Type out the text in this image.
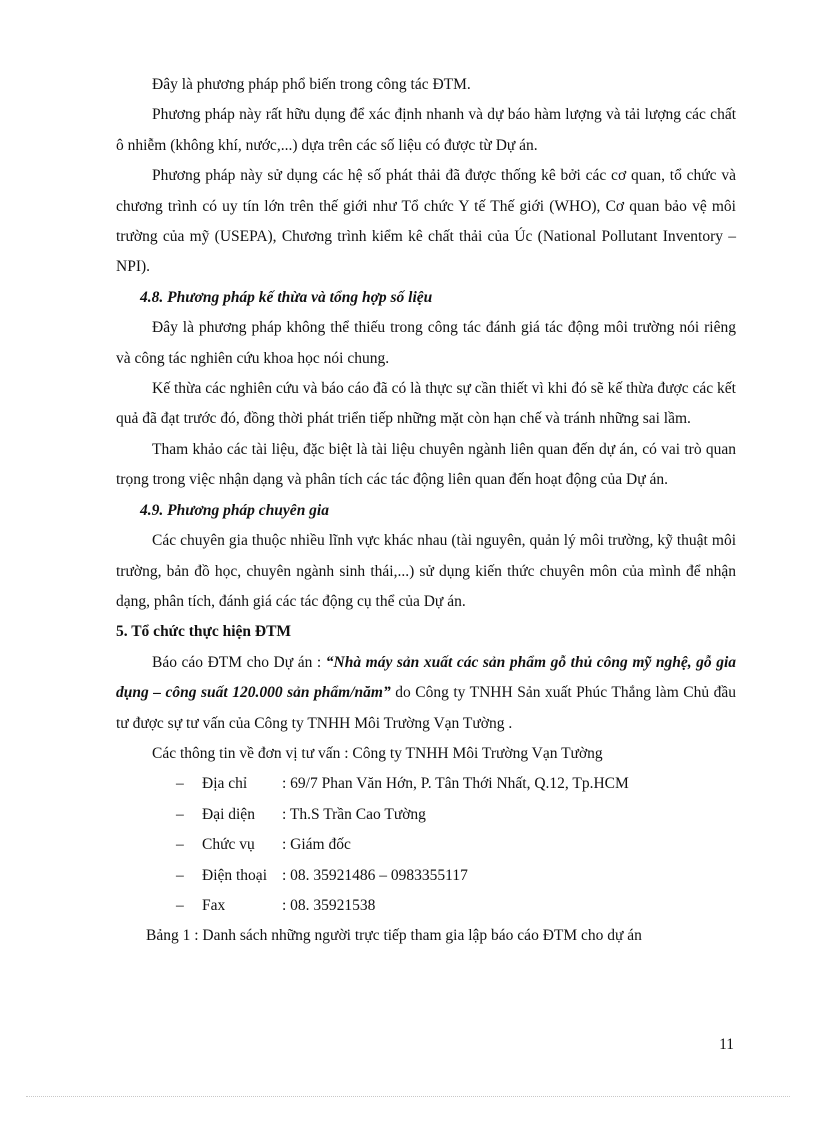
Đây là phương pháp phổ biến trong công tác ĐTM.

Phương pháp này rất hữu dụng để xác định nhanh và dự báo hàm lượng và tải lượng các chất ô nhiễm (không khí, nước,...) dựa trên các số liệu có được từ Dự án.

Phương pháp này sử dụng các hệ số phát thải đã được thống kê bởi các cơ quan, tổ chức và chương trình có uy tín lớn trên thế giới như Tổ chức Y tế Thế giới (WHO), Cơ quan bảo vệ môi trường của mỹ (USEPA), Chương trình kiểm kê chất thải của Úc (National Pollutant Inventory – NPI).

4.8. Phương pháp kế thừa và tổng hợp số liệu

Đây là phương pháp không thể thiếu trong công tác đánh giá tác động môi trường nói riêng và công tác nghiên cứu khoa học nói chung.

Kế thừa các nghiên cứu và báo cáo đã có là thực sự cần thiết vì khi đó sẽ kế thừa được các kết quả đã đạt trước đó, đồng thời phát triển tiếp những mặt còn hạn chế và tránh những sai lầm.

Tham khảo các tài liệu, đặc biệt là tài liệu chuyên ngành liên quan đến dự án, có vai trò quan trọng trong việc nhận dạng và phân tích các tác động liên quan đến hoạt động của Dự án.

4.9. Phương pháp chuyên gia

Các chuyên gia thuộc nhiều lĩnh vực khác nhau (tài nguyên, quản lý môi trường, kỹ thuật môi trường, bản đồ học, chuyên ngành sinh thái,...) sử dụng kiến thức chuyên môn của mình để nhận dạng, phân tích, đánh giá các tác động cụ thể của Dự án.

5. Tổ chức thực hiện ĐTM

Báo cáo ĐTM cho Dự án : “Nhà máy sản xuất các sản phẩm gỗ thủ công mỹ nghệ, gỗ gia dụng – công suất 120.000 sản phẩm/năm” do Công ty TNHH Sản xuất Phúc Thắng làm Chủ đầu tư được sự tư vấn của Công ty TNHH Môi Trường Vạn Tường .

Các thông tin về đơn vị tư vấn : Công ty TNHH Môi Trường Vạn Tường

–	Địa chỉ	: 69/7 Phan Văn Hớn, P. Tân Thới Nhất, Q.12, Tp.HCM
–	Đại diện	: Th.S Trần Cao Tường
–	Chức vụ	: Giám đốc
–	Điện thoại : 08. 35921486 – 0983355117
–	Fax	: 08. 35921538

Bảng 1 : Danh sách những người trực tiếp tham gia lập báo cáo ĐTM cho dự án

11
